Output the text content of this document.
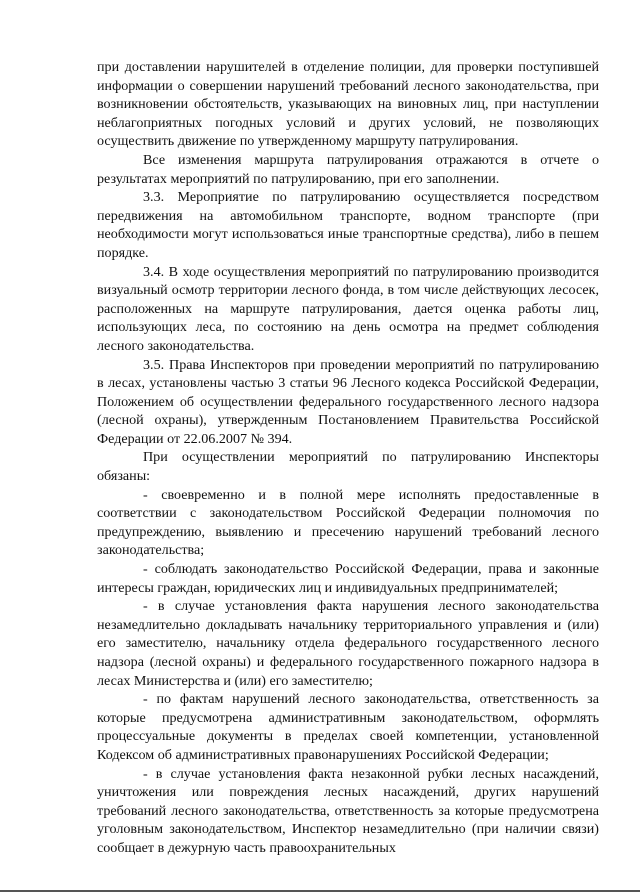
при доставлении нарушителей в отделение полиции, для проверки поступившей информации о совершении нарушений требований лесного законодательства, при возникновении обстоятельств, указывающих на виновных лиц, при наступлении неблагоприятных погодных условий и других условий, не позволяющих осуществить движение по утвержденному маршруту патрулирования.

Все изменения маршрута патрулирования отражаются в отчете о результатах мероприятий по патрулированию, при его заполнении.

3.3. Мероприятие по патрулированию осуществляется посредством передвижения на автомобильном транспорте, водном транспорте (при необходимости могут использоваться иные транспортные средства), либо в пешем порядке.

3.4. В ходе осуществления мероприятий по патрулированию производится визуальный осмотр территории лесного фонда, в том числе действующих лесосек, расположенных на маршруте патрулирования, дается оценка работы лиц, использующих леса, по состоянию на день осмотра на предмет соблюдения лесного законодательства.

3.5. Права Инспекторов при проведении мероприятий по патрулированию в лесах, установлены частью 3 статьи 96 Лесного кодекса Российской Федерации, Положением об осуществлении федерального государственного лесного надзора (лесной охраны), утвержденным Постановлением Правительства Российской Федерации от 22.06.2007 № 394.

При осуществлении мероприятий по патрулированию Инспекторы обязаны:

- своевременно и в полной мере исполнять предоставленные в соответствии с законодательством Российской Федерации полномочия по предупреждению, выявлению и пресечению нарушений требований лесного законодательства;

- соблюдать законодательство Российской Федерации, права и законные интересы граждан, юридических лиц и индивидуальных предпринимателей;

- в случае установления факта нарушения лесного законодательства незамедлительно докладывать начальнику территориального управления и (или) его заместителю, начальнику отдела федерального государственного лесного надзора (лесной охраны) и федерального государственного пожарного надзора в лесах Министерства и (или) его заместителю;

- по фактам нарушений лесного законодательства, ответственность за которые предусмотрена административным законодательством, оформлять процессуальные документы в пределах своей компетенции, установленной Кодексом об административных правонарушениях Российской Федерации;

- в случае установления факта незаконной рубки лесных насаждений, уничтожения или повреждения лесных насаждений, других нарушений требований лесного законодательства, ответственность за которые предусмотрена уголовным законодательством, Инспектор незамедлительно (при наличии связи) сообщает в дежурную часть правоохранительных
